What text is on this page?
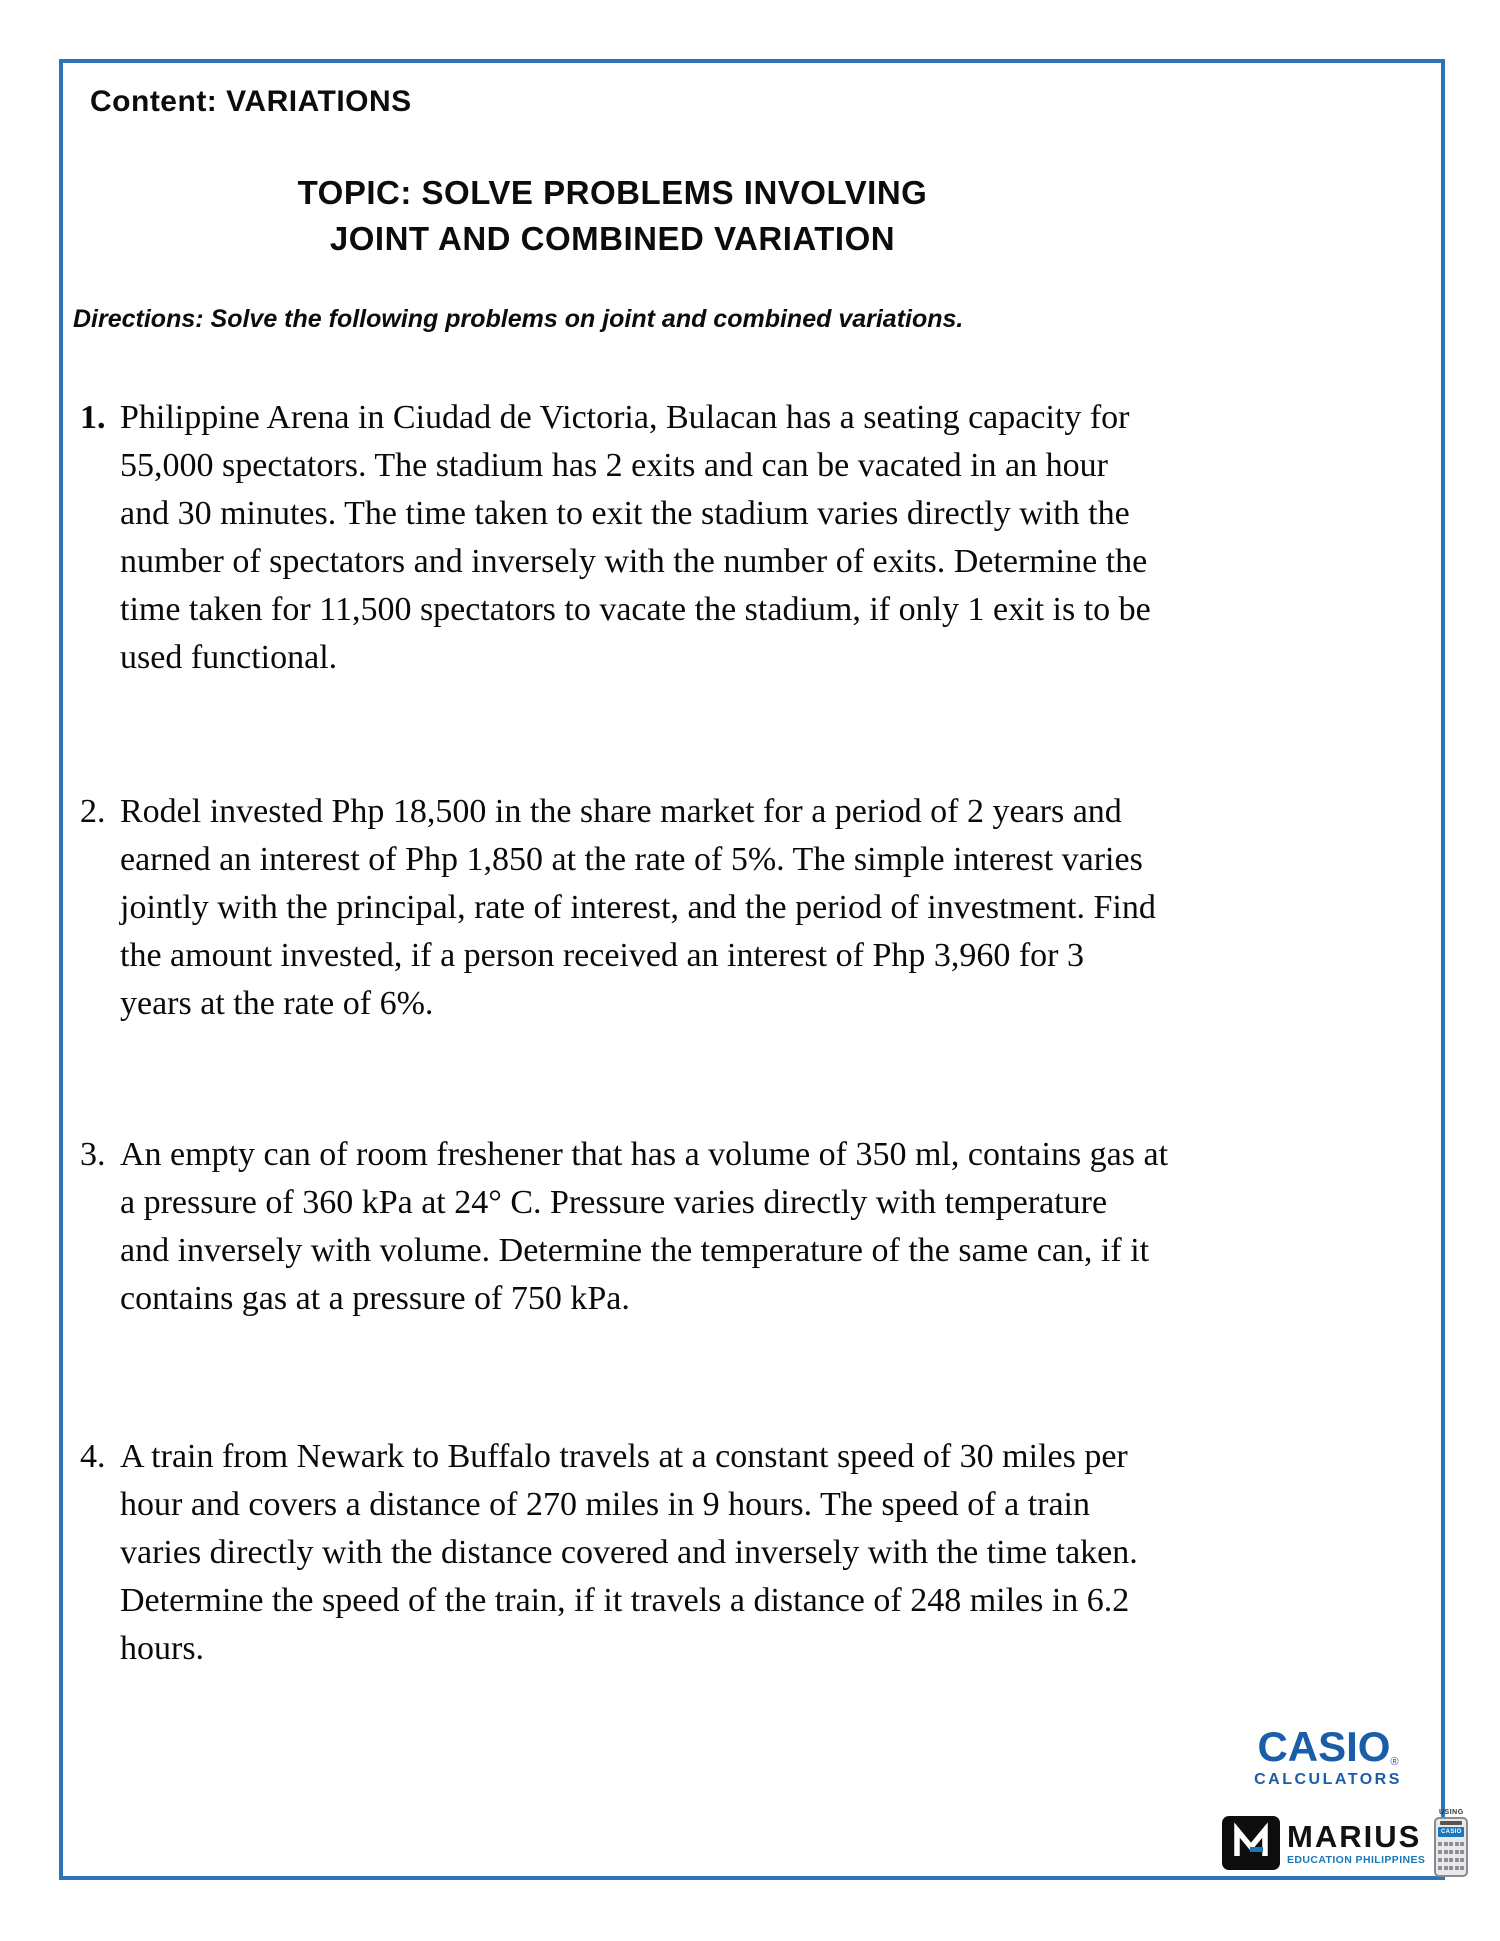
Content: VARIATIONS
TOPIC: SOLVE PROBLEMS INVOLVING
JOINT AND COMBINED VARIATION
Directions: Solve the following problems on joint and combined variations.
1. Philippine Arena in Ciudad de Victoria, Bulacan has a seating capacity for
55,000 spectators. The stadium has 2 exits and can be vacated in an hour
and 30 minutes. The time taken to exit the stadium varies directly with the
number of spectators and inversely with the number of exits. Determine the
time taken for 11,500 spectators to vacate the stadium, if only 1 exit is to be
used functional.
2. Rodel invested Php 18,500 in the share market for a period of 2 years and
earned an interest of Php 1,850 at the rate of 5%. The simple interest varies
jointly with the principal, rate of interest, and the period of investment. Find
the amount invested, if a person received an interest of Php 3,960 for 3
years at the rate of 6%.
3. An empty can of room freshener that has a volume of 350 ml, contains gas at
a pressure of 360 kPa at 24° C. Pressure varies directly with temperature
and inversely with volume. Determine the temperature of the same can, if it
contains gas at a pressure of 750 kPa.
4. A train from Newark to Buffalo travels at a constant speed of 30 miles per
hour and covers a distance of 270 miles in 9 hours. The speed of a train
varies directly with the distance covered and inversely with the time taken.
Determine the speed of the train, if it travels a distance of 248 miles in 6.2
hours.
CASIO®
CALCULATORS
MARIUS
EDUCATION PHILIPPINES
USING
CASIO
